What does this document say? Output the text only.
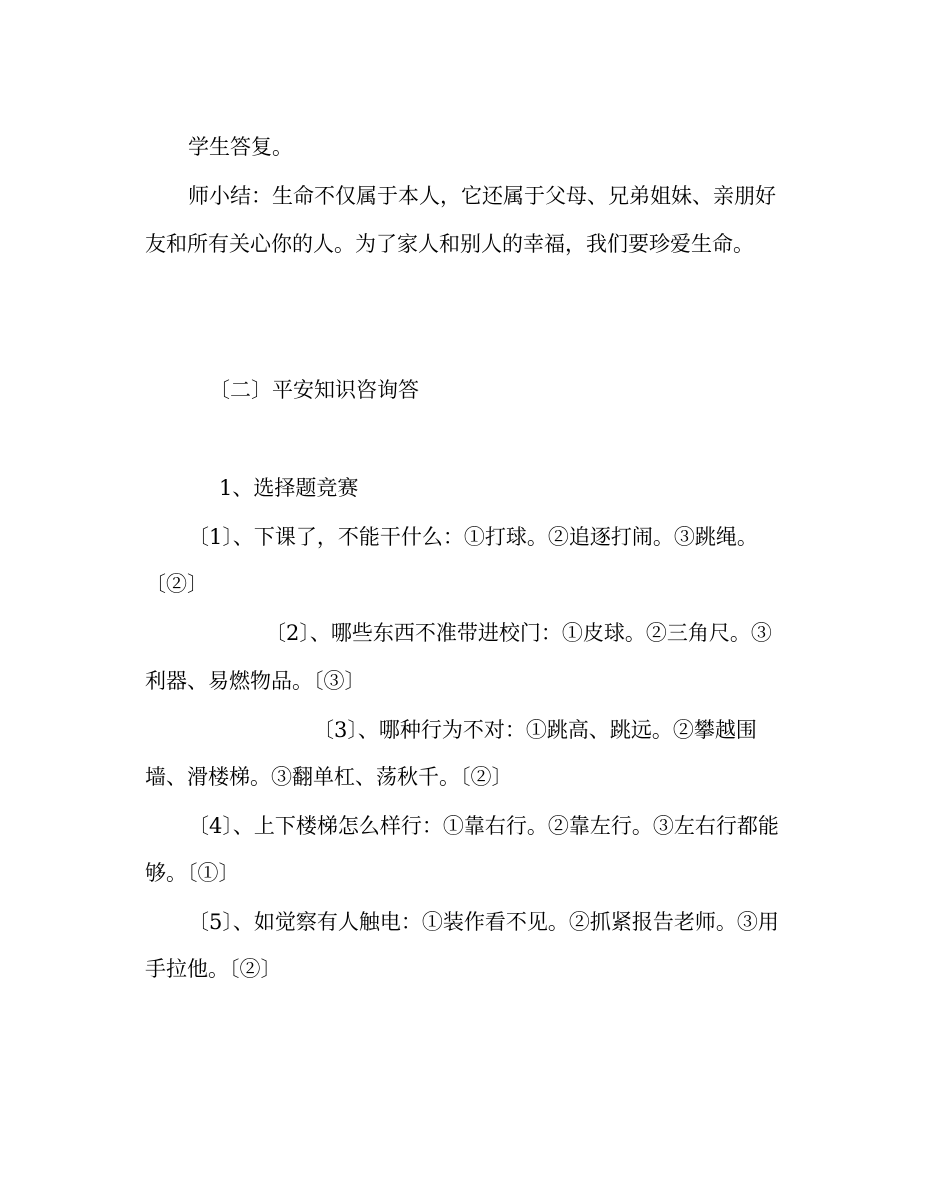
学生答复。
师小结：生命不仅属于本人，它还属于父母、兄弟姐妹、亲朋好
友和所有关心你的人。为了家人和别人的幸福，我们要珍爱生命。
〔二〕平安知识咨询答
1、选择题竞赛
〔1〕、下课了，不能干什么：①打球。②追逐打闹。③跳绳。
〔②〕
〔2〕、哪些东西不准带进校门：①皮球。②三角尺。③
利器、易燃物品。〔③〕
〔3〕、哪种行为不对：①跳高、跳远。②攀越围
墙、滑楼梯。③翻单杠、荡秋千。〔②〕
〔4〕、上下楼梯怎么样行：①靠右行。②靠左行。③左右行都能
够。〔①〕
〔5〕、如觉察有人触电：①装作看不见。②抓紧报告老师。③用
手拉他。〔②〕
